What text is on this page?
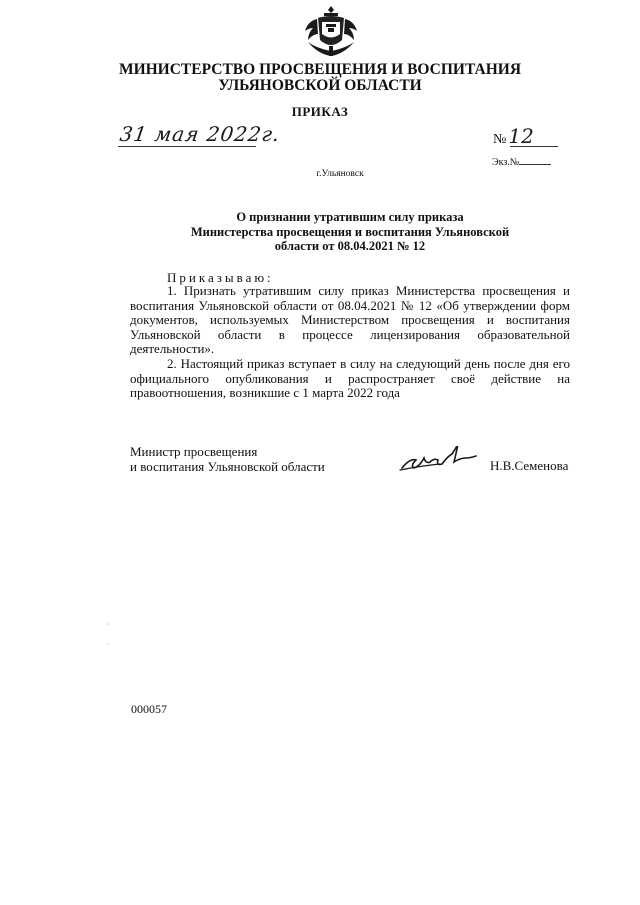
МИНИСТЕРСТВО ПРОСВЕЩЕНИЯ И ВОСПИТАНИЯ
УЛЬЯНОВСКОЙ ОБЛАСТИ
ПРИКАЗ
31 мая 2022г.	№ 12
Экз.№
г.Ульяновск
О признании утратившим силу приказа
Министерства просвещения и воспитания Ульяновской
области от 08.04.2021 № 12
Приказываю:

1. Признать утратившим силу приказ Министерства просвещения и воспитания Ульяновской области от 08.04.2021 № 12 «Об утверждении форм документов, используемых Министерством просвещения и воспитания Ульяновской области в процессе лицензирования образовательной деятельности».

2. Настоящий приказ вступает в силу на следующий день после дня его официального опубликования и распространяет своё действие на правоотношения, возникшие с 1 марта 2022 года

Министр просвещения
и воспитания Ульяновской области	Н.В.Семенова
·
·
000057
